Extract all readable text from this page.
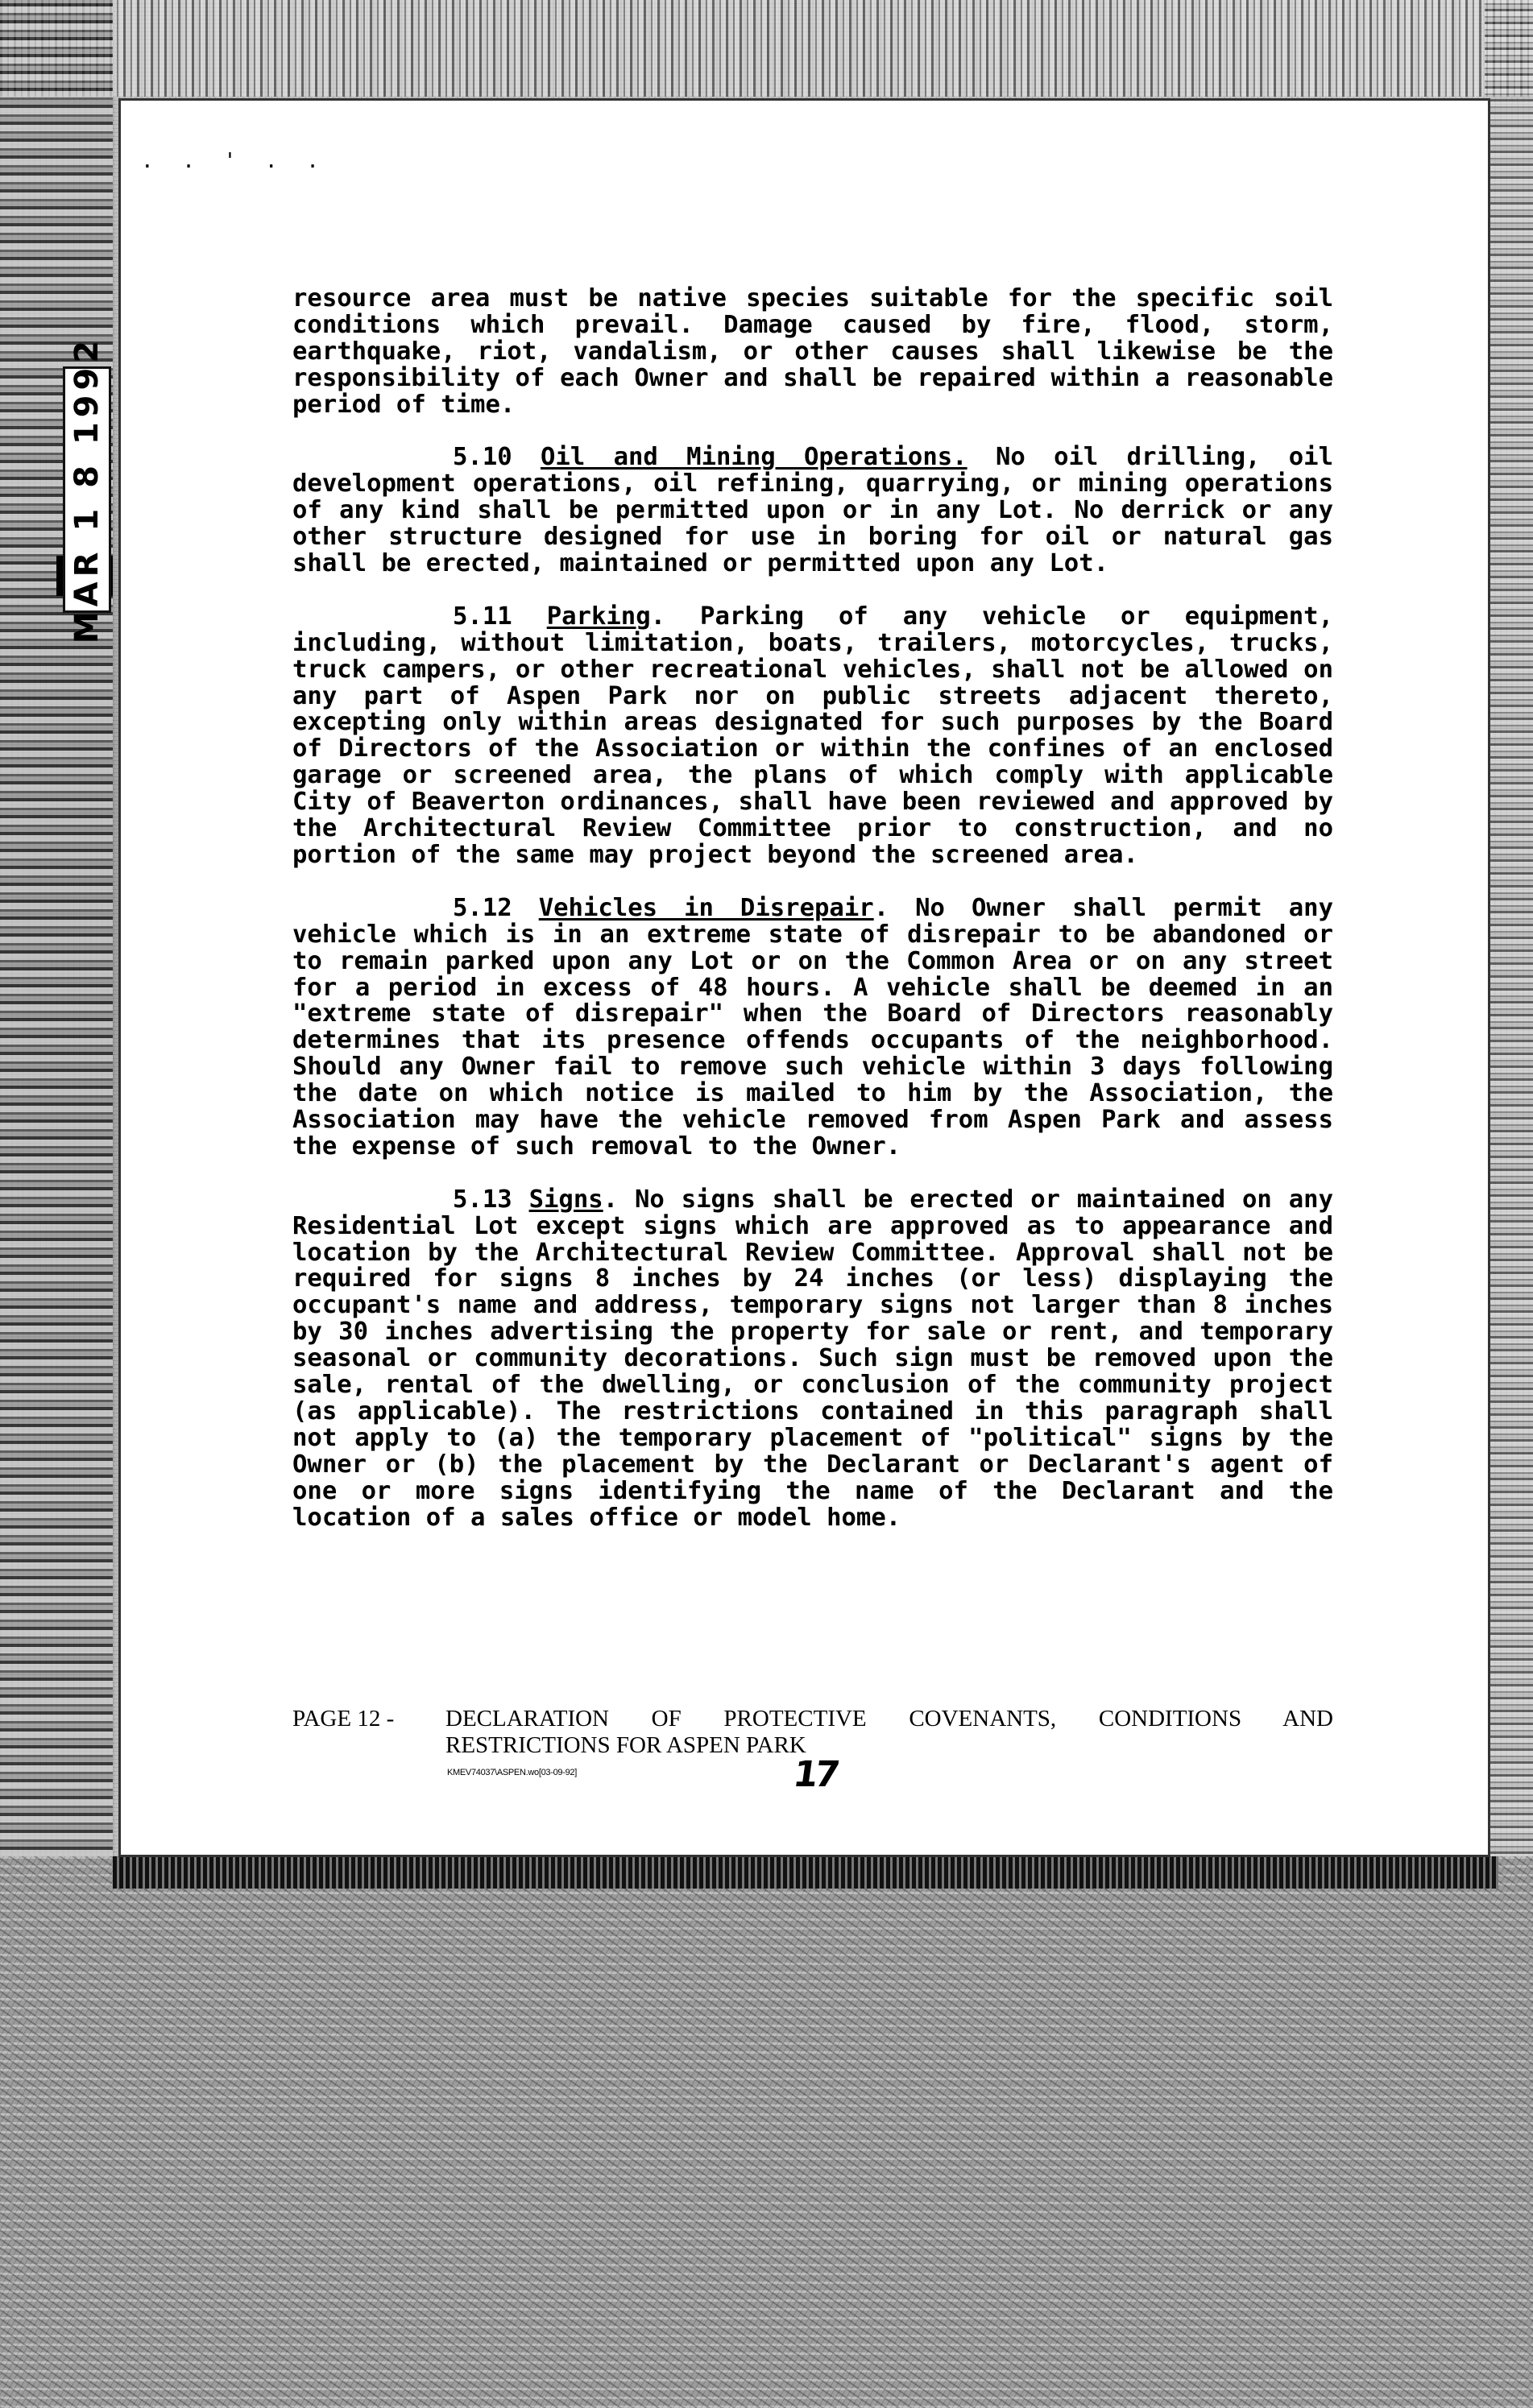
MAR 1 8 1992
. . ' . .

resource area must be native species suitable for the specific soil conditions which prevail. Damage caused by fire, flood, storm, earthquake, riot, vandalism, or other causes shall likewise be the responsibility of each Owner and shall be repaired within a reasonable period of time.

5.10 Oil and Mining Operations. No oil drilling, oil development operations, oil refining, quarrying, or mining operations of any kind shall be permitted upon or in any Lot. No derrick or any other structure designed for use in boring for oil or natural gas shall be erected, maintained or permitted upon any Lot.

5.11 Parking. Parking of any vehicle or equipment, including, without limitation, boats, trailers, motorcycles, trucks, truck campers, or other recreational vehicles, shall not be allowed on any part of Aspen Park nor on public streets adjacent thereto, excepting only within areas designated for such purposes by the Board of Directors of the Association or within the confines of an enclosed garage or screened area, the plans of which comply with applicable City of Beaverton ordinances, shall have been reviewed and approved by the Architectural Review Committee prior to construction, and no portion of the same may project beyond the screened area.

5.12 Vehicles in Disrepair. No Owner shall permit any vehicle which is in an extreme state of disrepair to be abandoned or to remain parked upon any Lot or on the Common Area or on any street for a period in excess of 48 hours. A vehicle shall be deemed in an "extreme state of disrepair" when the Board of Directors reasonably determines that its presence offends occupants of the neighborhood. Should any Owner fail to remove such vehicle within 3 days following the date on which notice is mailed to him by the Association, the Association may have the vehicle removed from Aspen Park and assess the expense of such removal to the Owner.

5.13 Signs. No signs shall be erected or maintained on any Residential Lot except signs which are approved as to appearance and location by the Architectural Review Committee. Approval shall not be required for signs 8 inches by 24 inches (or less) displaying the occupant's name and address, temporary signs not larger than 8 inches by 30 inches advertising the property for sale or rent, and temporary seasonal or community decorations. Such sign must be removed upon the sale, rental of the dwelling, or conclusion of the community project (as applicable). The restrictions contained in this paragraph shall not apply to (a) the temporary placement of "political" signs by the Owner or (b) the placement by the Declarant or Declarant's agent of one or more signs identifying the name of the Declarant and the location of a sales office or model home.

PAGE 12 -	DECLARATION OF PROTECTIVE COVENANTS, CONDITIONS AND
RESTRICTIONS FOR ASPEN PARK
KMEV74037\ASPEN.wo[03-09-92]	17
